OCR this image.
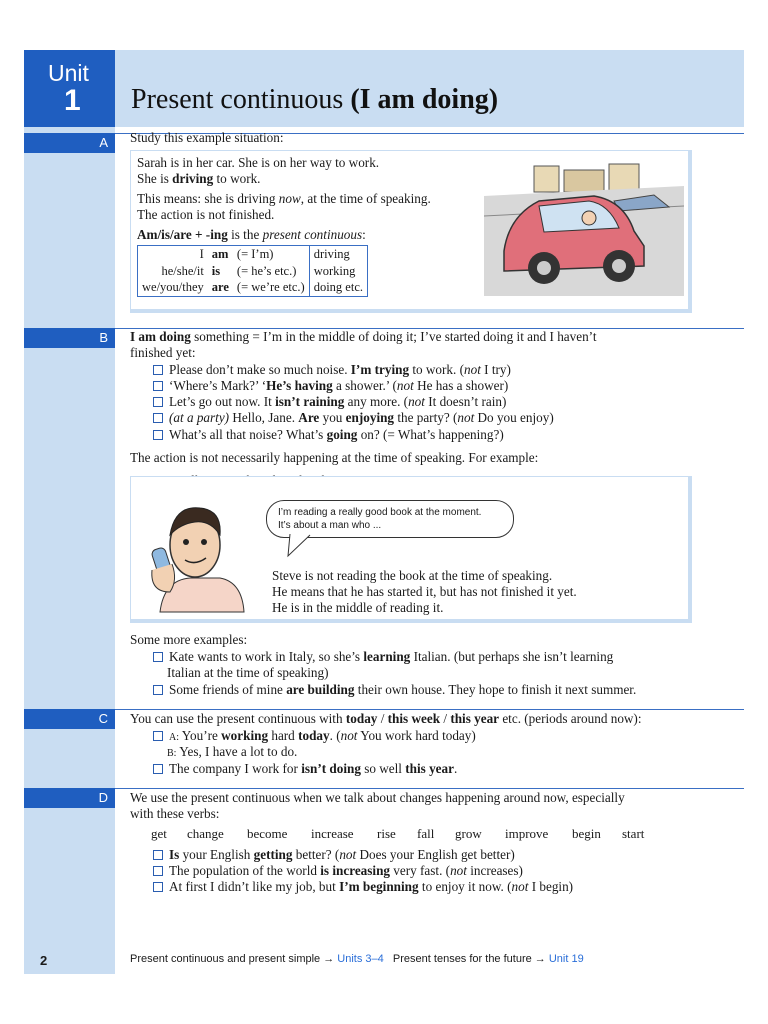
Present continuous (I am doing)
Unit
1
A
B
C
D
Study this example situation:
Sarah is in her car. She is on her way to work.
She is driving to work.
This means: she is driving now, at the time of speaking.
The action is not finished.
Am/is/are + -ing is the present continuous:
I	am	(= I’m)	driving
he/she/it	is	(= he’s etc.)	working
we/you/they	are	(= we’re etc.)	doing etc.
I am doing something = I’m in the middle of doing it; I’ve started doing it and I haven’t
finished yet:
Please don’t make so much noise. I’m trying to work. (not I try)
‘Where’s Mark?’ ‘He’s having a shower.’ (not He has a shower)
Let’s go out now. It isn’t raining any more. (not It doesn’t rain)
(at a party) Hello, Jane. Are you enjoying the party? (not Do you enjoy)
What’s all that noise? What’s going on? (= What’s happening?)
The action is not necessarily happening at the time of speaking. For example:
I’m reading a really good book at the moment.
It’s about a man who ...
Steve is not reading the book at the time of speaking.
He means that he has started it, but has not finished it yet.
He is in the middle of reading it.
Some more examples:
Kate wants to work in Italy, so she’s learning Italian. (but perhaps she isn’t learning
Italian at the time of speaking)
Some friends of mine are building their own house. They hope to finish it next summer.
You can use the present continuous with today / this week / this year etc. (periods around now):
A: You’re working hard today. (not You work hard today)
B: Yes, I have a lot to do.
The company I work for isn’t doing so well this year.
We use the present continuous when we talk about changes happening around now, especially
with these verbs:
get change become increase rise fall grow improve begin start
Is your English getting better? (not Does your English get better)
The population of the world is increasing very fast. (not increases)
At first I didn’t like my job, but I’m beginning to enjoy it now. (not I begin)
2	Present continuous and present simple → Units 3–4   Present tenses for the future → Unit 19
